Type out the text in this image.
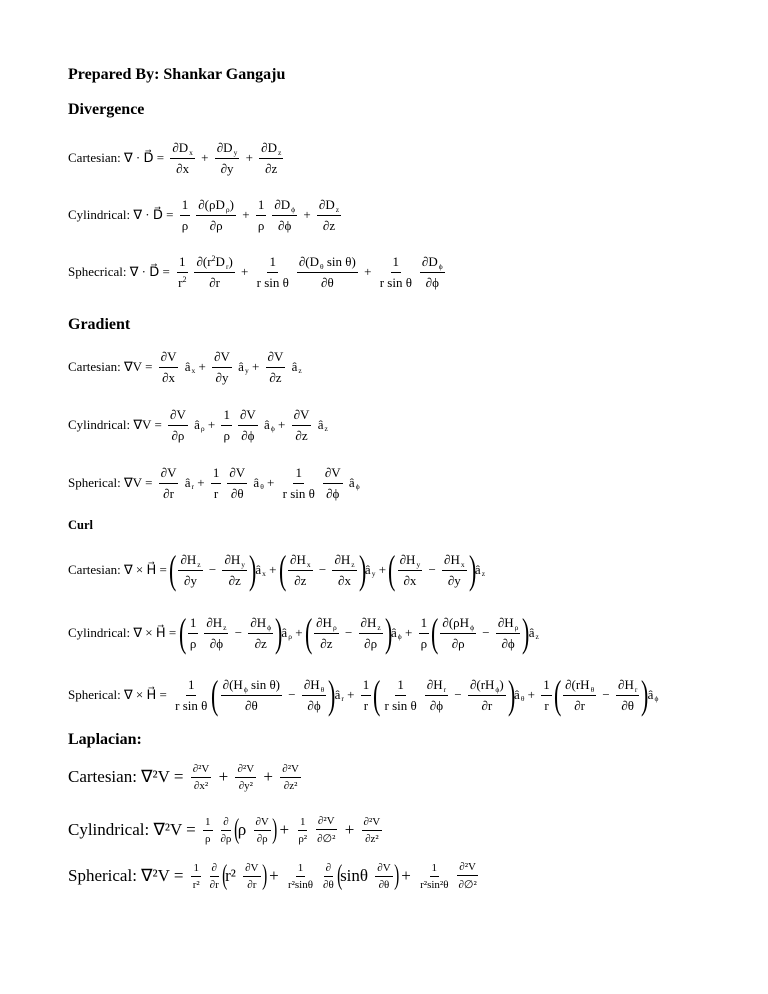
Prepared By: Shankar Gangaju
Divergence
Cartesian: ∇ · D⃗ = $\frac{\text{∂D x}}{\partial x} + \frac{\text{∂D y}}{\partial y} + \frac{\text{∂D z}}{\partial z}$
Cylindrical: ∇ · D⃗ = $\frac{1}{\rho} \frac{\text{∂(ρD ρ )}}{\partial\rho} + \frac{1}{\rho} \frac{\text{∂D ϕ}}{\partial\phi} + \frac{\text{∂D z}}{\partial z}$
Sphecrical: ∇ · D⃗ = $\frac{1}{r 2} \frac{\text{∂(r 2 D r )}}{\partial r} + \frac{1}{\text{r sin θ}} \frac{\text{∂(D θ sin θ)}}{\partial\theta} + \frac{1}{\text{r sin θ}} \frac{\text{∂D ϕ}}{\partial\phi}$
Gradient
Cartesian: $\nabla V = \frac{\partial V}{\partial x}$ â $x + \frac{\partial V}{\partial y}$ â $y + \frac{\partial V}{\partial z}$ â z
Cylindrical: $\nabla V = \frac{\partial V}{\partial\rho}$ â $\rho + \frac{1}{\rho} \frac{\partial V}{\partial\phi}$ â $\phi + \frac{\partial V}{\partial z}$ â z
Spherical: $\nabla V = \frac{\partial V}{\partial r}$ â $r + \frac{1}{r} \frac{\partial V}{\partial\theta}$ â $\theta + \frac{1}{\text{r sin θ}} \frac{\partial V}{\partial\phi}$ â ϕ
Curl
Cartesian: ∇ × H⃗ =
( $\frac{\text{∂H z}}{\partial y} - \frac{\text{∂H y}}{\partial z}$ )
â x +
( $\frac{\text{∂H x}}{\partial z} - \frac{\text{∂H z}}{\partial x}$ )
â y +
( $\frac{\text{∂H y}}{\partial x} - \frac{\text{∂H x}}{\partial y}$ )
â z
Cylindrical: ∇ × H⃗ =
( $\frac{1}{\rho} \frac{\text{∂H z}}{\partial\phi} - \frac{\text{∂H ϕ}}{\partial z}$ )
â ρ +
( $\frac{\text{∂H ρ}}{\partial z} - \frac{\text{∂H z}}{\partial\rho}$ )
â $\phi + \frac{1}{\rho}$ ( $\frac{\text{∂(ρH ϕ}}{\partial\rho} - \frac{\text{∂H ρ}}{\partial\phi}$ )
â z
Spherical: ∇ × H⃗ = $\frac{1}{\text{r sin θ}}$ ( $\frac{\text{∂(H ϕ sin θ)}}{\partial\theta} - \frac{\text{∂H θ}}{\partial\phi}$ )
â $r + \frac{1}{r}$ ( $\frac{1}{\text{r sin θ}} \frac{\text{∂H r}}{\partial\phi} - \frac{\text{∂(rH ϕ )}}{\partial r}$ )
â $\theta + \frac{1}{r}$ ( $\frac{\text{∂(rH θ}}{\partial r} - \frac{\text{∂H r}}{\partial\theta}$ )
â ϕ
Laplacian:
Cartesian: $\nabla^2V = \frac{\text{∂²V}}{\text{∂x²}} + \frac{\text{∂²V}}{\text{∂y²}} + \frac{\text{∂²V}}{\text{∂z²}}$
Cylindrical: $\nabla^2V = \frac{1}{\rho} \frac{\partial}{\partial\rho}$ (
ρ $\frac{\partial V}{\partial\rho}$ )
+ $\frac{1}{\text{ρ²}} \frac{\text{∂²V}}{\text{∂∅²}} + \frac{\text{∂²V}}{\text{∂z²}}$
Spherical: $\nabla^2V = \frac{1}{\text{r²}} \frac{\partial}{\partial r}$ (
$r^2 \frac{\partial V}{\partial r}$ )
+ $\frac{1}{\text{r²sinθ}} \frac{\partial}{\partial\theta}$ (
sinθ $\frac{\partial V}{\partial\theta}$ )
+ $\frac{1}{\text{r²sin²θ}} \frac{\text{∂²V}}{\text{∂∅²}}$
